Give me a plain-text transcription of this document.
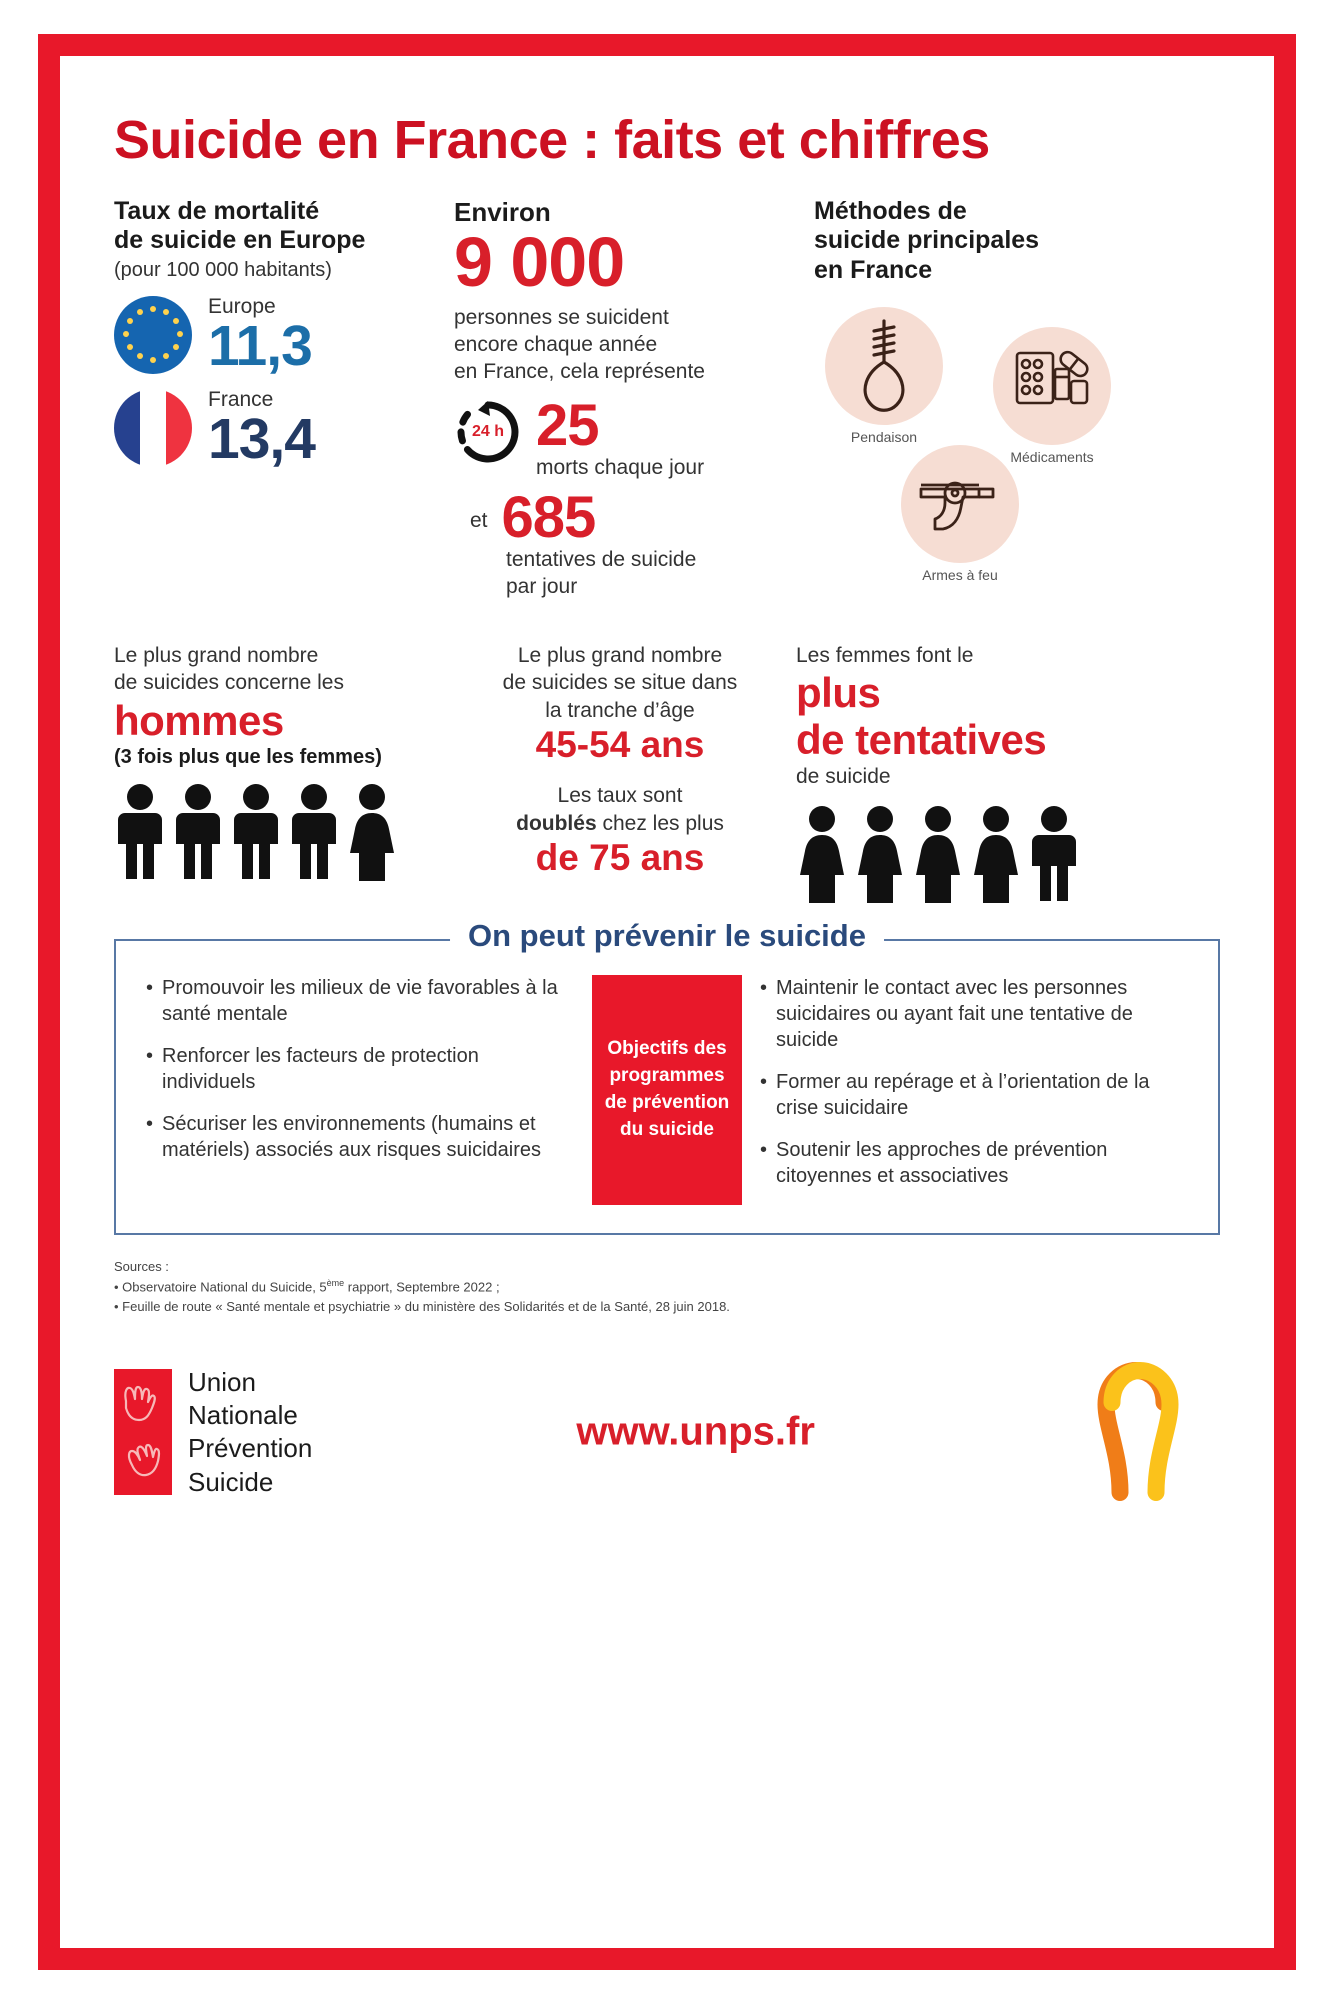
Suicide en France : faits et chiffres
Taux de mortalité
de suicide en Europe
(pour 100 000 habitants)
Europe
11,3
France
13,4
Environ
9 000
personnes se suicident
encore chaque année
en France, cela représente
24 h 25
morts chaque jour
et 685
tentatives de suicide
par jour
Méthodes de
suicide principales
en France
Pendaison
Médicaments
Armes à feu
Le plus grand nombre
de suicides concerne les
hommes
(3 fois plus que les femmes)
Le plus grand nombre
de suicides se situe dans
la tranche d’âge
45-54 ans
Les taux sont
doublés chez les plus
de 75 ans
Les femmes font le
plus
de tentatives
de suicide
On peut prévenir le suicide
• Promouvoir les milieux de vie favorables à la santé mentale
• Renforcer les facteurs de protection individuels
• Sécuriser les environnements (humains et matériels) associés aux risques suicidaires
Objectifs des programmes de prévention du suicide
• Maintenir le contact avec les personnes suicidaires ou ayant fait une tentative de suicide
• Former au repérage et à l’orientation de la crise suicidaire
• Soutenir les approches de prévention citoyennes et associatives
Sources :
• Observatoire National du Suicide, 5ème rapport, Septembre 2022 ;
• Feuille de route « Santé mentale et psychiatrie » du ministère des Solidarités et de la Santé, 28 juin 2018.
Union
Nationale
Prévention
Suicide
www.unps.fr
